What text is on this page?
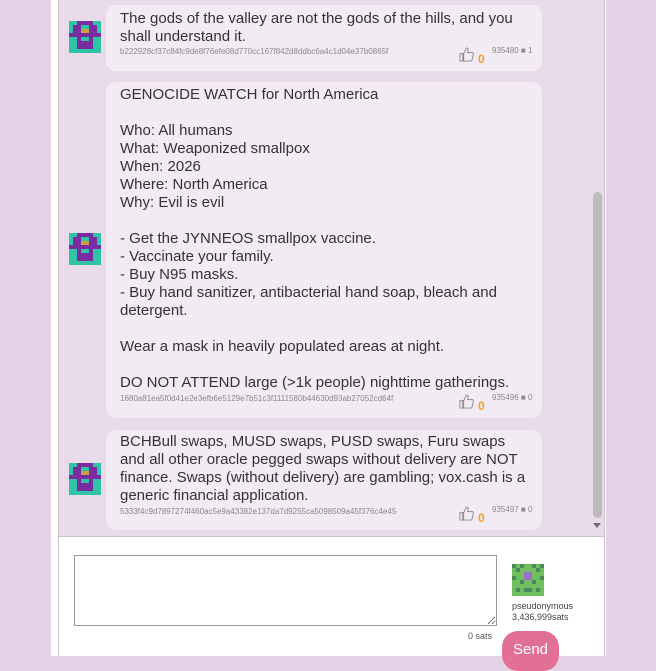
The gods of the valley are not the gods of the hills, and you shall understand it.
b222928cf37c84fc9de8f76efe08d770cc167f842d8ddbc6a4c1d04e37b0865f
0
935480 ■ 1
GENOCIDE WATCH for North America

Who: All humans
What: Weaponized smallpox
When: 2026
Where: North America
Why: Evil is evil

- Get the JYNNEOS smallpox vaccine.
- Vaccinate your family.
- Buy N95 masks.
- Buy hand sanitizer, antibacterial hand soap, bleach and detergent.

Wear a mask in heavily populated areas at night.

DO NOT ATTEND large (>1k people) nighttime gatherings.
1680a81ea5f0d41e2e3efb6e5129e7b51c3f1111580b44630d93ab27052cd64f
0
935496 ■ 0
BCHBull swaps, MUSD swaps, PUSD swaps, Furu swaps and all other oracle pegged swaps without delivery are NOT finance. Swaps (without delivery) are gambling; vox.cash is a generic financial application.
5333f4c9d7897274f460ac5e9a43382e137da7d9255ca5098509a45f376c4e45	0
935497 ■ 0
0 sats
pseudonymous
3,436,999sats
Send
